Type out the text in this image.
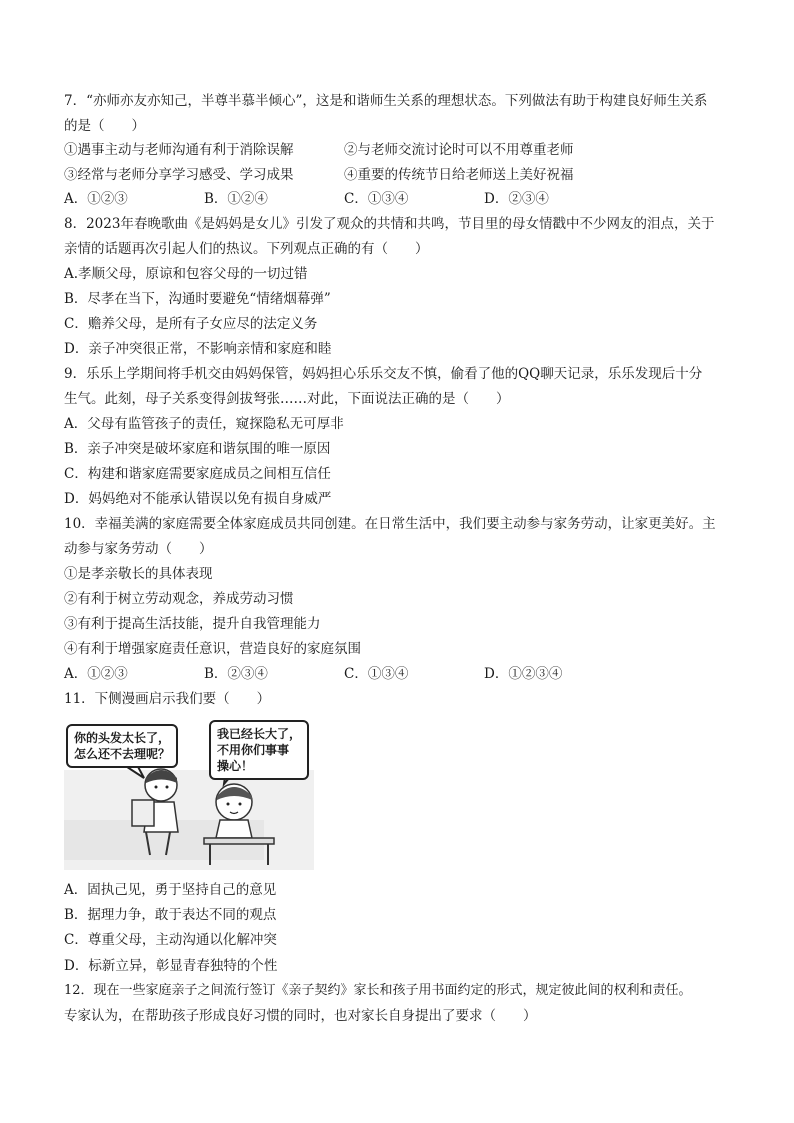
7．“亦师亦友亦知己，半尊半慕半倾心”，这是和谐师生关系的理想状态。下列做法有助于构建良好师生关系
的是（　　）
①遇事主动与老师沟通有利于消除误解	②与老师交流讨论时可以不用尊重老师
③经常与老师分享学习感受、学习成果	④重要的传统节日给老师送上美好祝福
A．①②③	B．①②④	C．①③④	D．②③④
8．2023年春晚歌曲《是妈妈是女儿》引发了观众的共情和共鸣，节目里的母女情戳中不少网友的泪点，关于
亲情的话题再次引起人们的热议。下列观点正确的有（　　）
A.孝顺父母，原谅和包容父母的一切过错
B．尽孝在当下，沟通时要避免“情绪烟幕弹”
C．赡养父母，是所有子女应尽的法定义务
D．亲子冲突很正常，不影响亲情和家庭和睦
9．乐乐上学期间将手机交由妈妈保管，妈妈担心乐乐交友不慎，偷看了他的QQ聊天记录，乐乐发现后十分
生气。此刻，母子关系变得剑拔弩张……对此，下面说法正确的是（　　）
A．父母有监管孩子的责任，窥探隐私无可厚非
B．亲子冲突是破坏家庭和谐氛围的唯一原因
C．构建和谐家庭需要家庭成员之间相互信任
D．妈妈绝对不能承认错误以免有损自身威严
10．幸福美满的家庭需要全体家庭成员共同创建。在日常生活中，我们要主动参与家务劳动，让家更美好。主
动参与家务劳动（　　）
①是孝亲敬长的具体表现
②有利于树立劳动观念，养成劳动习惯
③有利于提高生活技能，提升自我管理能力
④有利于增强家庭责任意识，营造良好的家庭氛围
A．①②③	B．②③④	C．①③④	D．①②③④
11．下侧漫画启示我们要（　　）
你的头发太长了，
怎么还不去理呢？
我已经长大了，
不用你们事事
操心！
A．固执己见，勇于坚持自己的意见
B．据理力争，敢于表达不同的观点
C．尊重父母，主动沟通以化解冲突
D．标新立异，彰显青春独特的个性
12．现在一些家庭亲子之间流行签订《亲子契约》家长和孩子用书面约定的形式，规定彼此间的权利和责任。
专家认为，在帮助孩子形成良好习惯的同时，也对家长自身提出了要求（　　）
